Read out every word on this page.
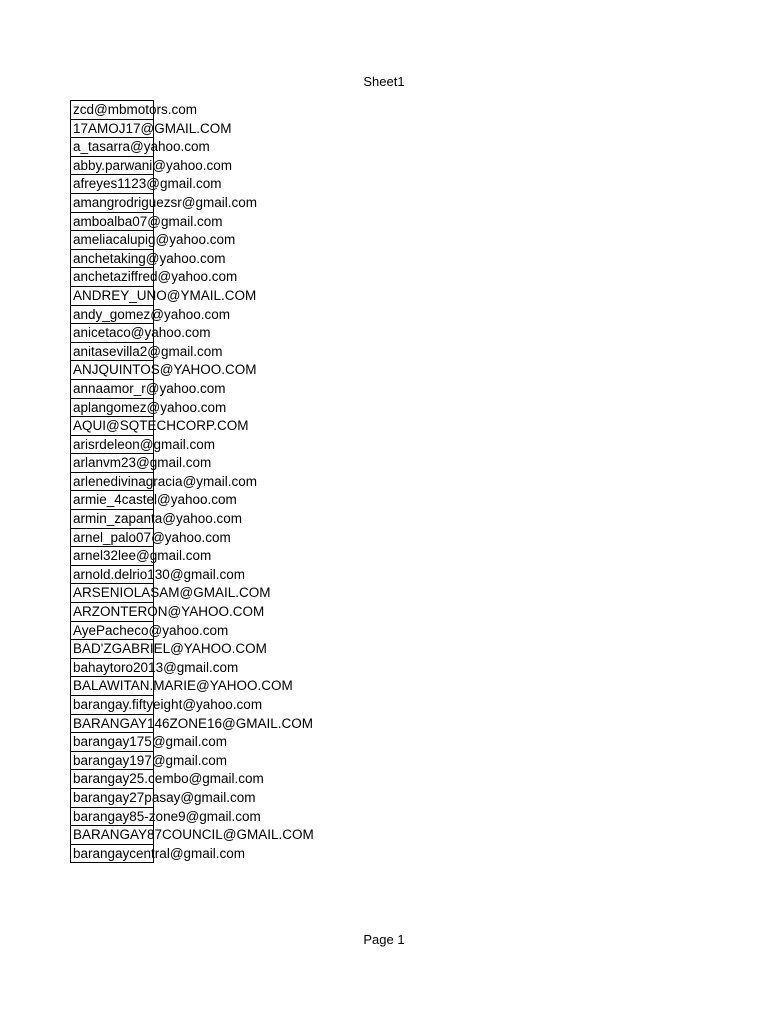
Sheet1
zcd@mbmotors.com
17AMOJ17@GMAIL.COM
a_tasarra@yahoo.com
abby.parwani@yahoo.com
afreyes1123@gmail.com
amangrodriguezsr@gmail.com
amboalba07@gmail.com
ameliacalupig@yahoo.com
anchetaking@yahoo.com
anchetaziffred@yahoo.com
ANDREY_UNO@YMAIL.COM
andy_gomez@yahoo.com
anicetaco@yahoo.com
anitasevilla2@gmail.com
ANJQUINTOS@YAHOO.COM
annaamor_r@yahoo.com
aplangomez@yahoo.com
AQUI@SQTECHCORP.COM
arisrdeleon@gmail.com
arlanvm23@gmail.com
arlenedivinagracia@ymail.com
armie_4castel@yahoo.com
armin_zapanta@yahoo.com
arnel_palo07@yahoo.com
arnel32lee@gmail.com
arnold.delrio130@gmail.com
ARSENIOLASAM@GMAIL.COM
ARZONTERON@YAHOO.COM
AyePacheco@yahoo.com
BAD'ZGABRIEL@YAHOO.COM
bahaytoro2013@gmail.com
BALAWITAN.MARIE@YAHOO.COM
barangay.fiftyeight@yahoo.com
BARANGAY146ZONE16@GMAIL.COM
barangay175@gmail.com
barangay197@gmail.com
barangay25.cembo@gmail.com
barangay27pasay@gmail.com
barangay85-zone9@gmail.com
BARANGAY87COUNCIL@GMAIL.COM
barangaycentral@gmail.com
Page 1
